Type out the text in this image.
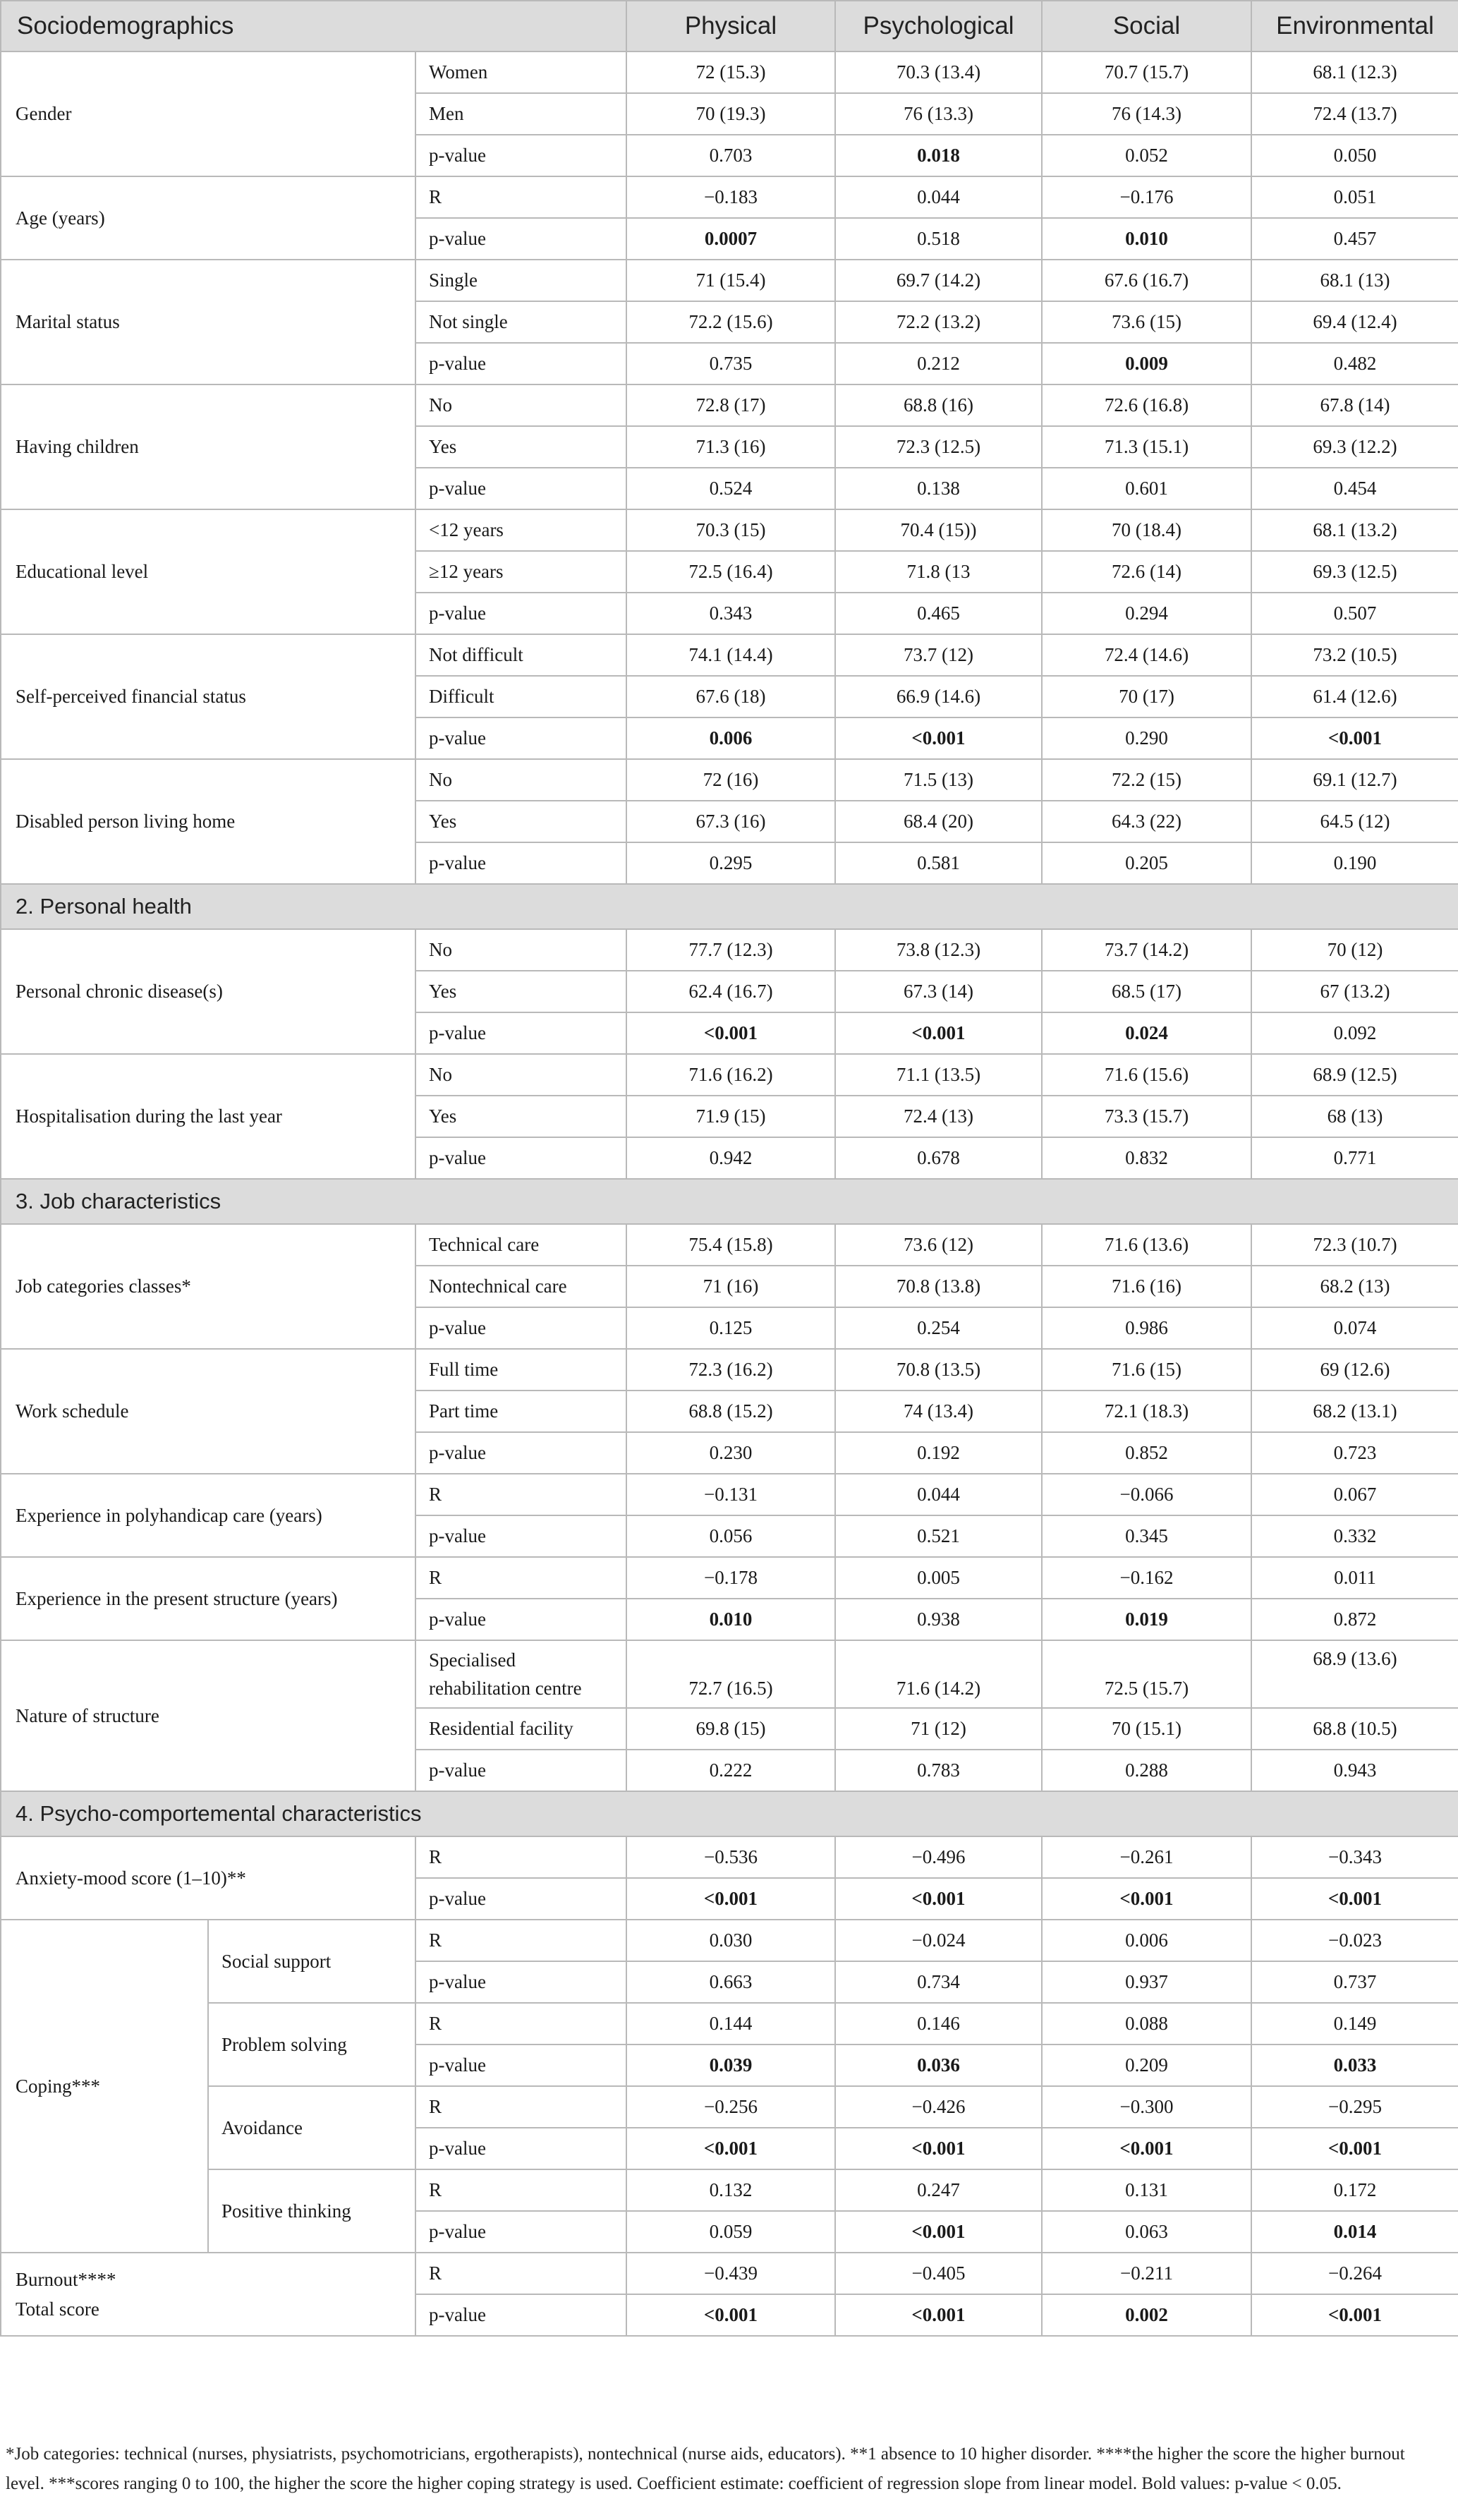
Sociodemographics			Physical	Psychological	Social	Environmental
Gender		Women	72 (15.3)	70.3 (13.4)	70.7 (15.7)	68.1 (12.3)
		Men	70 (19.3)	76 (13.3)	76 (14.3)	72.4 (13.7)
		p-value	0.703	0.018	0.052	0.050
Age (years)		R	−0.183	0.044	−0.176	0.051
		p-value	0.0007	0.518	0.010	0.457
Marital status		Single	71 (15.4)	69.7 (14.2)	67.6 (16.7)	68.1 (13)
		Not single	72.2 (15.6)	72.2 (13.2)	73.6 (15)	69.4 (12.4)
		p-value	0.735	0.212	0.009	0.482
Having children		No	72.8 (17)	68.8 (16)	72.6 (16.8)	67.8 (14)
		Yes	71.3 (16)	72.3 (12.5)	71.3 (15.1)	69.3 (12.2)
		p-value	0.524	0.138	0.601	0.454
Educational level		<12 years	70.3 (15)	70.4 (15))	70 (18.4)	68.1 (13.2)
		≥12 years	72.5 (16.4)	71.8 (13	72.6 (14)	69.3 (12.5)
		p-value	0.343	0.465	0.294	0.507
Self-perceived financial status		Not difficult	74.1 (14.4)	73.7 (12)	72.4 (14.6)	73.2 (10.5)
		Difficult	67.6 (18)	66.9 (14.6)	70 (17)	61.4 (12.6)
		p-value	0.006	<0.001	0.290	<0.001
Disabled person living home		No	72 (16)	71.5 (13)	72.2 (15)	69.1 (12.7)
		Yes	67.3 (16)	68.4 (20)	64.3 (22)	64.5 (12)
		p-value	0.295	0.581	0.205	0.190
2. Personal health						
Personal chronic disease(s)		No	77.7 (12.3)	73.8 (12.3)	73.7 (14.2)	70 (12)
		Yes	62.4 (16.7)	67.3 (14)	68.5 (17)	67 (13.2)
		p-value	<0.001	<0.001	0.024	0.092
Hospitalisation during the last year		No	71.6 (16.2)	71.1 (13.5)	71.6 (15.6)	68.9 (12.5)
		Yes	71.9 (15)	72.4 (13)	73.3 (15.7)	68 (13)
		p-value	0.942	0.678	0.832	0.771
3. Job characteristics						
Job categories classes*		Technical care	75.4 (15.8)	73.6 (12)	71.6 (13.6)	72.3 (10.7)
		Nontechnical care	71 (16)	70.8 (13.8)	71.6 (16)	68.2 (13)
		p-value	0.125	0.254	0.986	0.074
Work schedule		Full time	72.3 (16.2)	70.8 (13.5)	71.6 (15)	69 (12.6)
		Part time	68.8 (15.2)	74 (13.4)	72.1 (18.3)	68.2 (13.1)
		p-value	0.230	0.192	0.852	0.723
Experience in polyhandicap care (years)		R	−0.131	0.044	−0.066	0.067
		p-value	0.056	0.521	0.345	0.332
Experience in the present structure (years)		R	−0.178	0.005	−0.162	0.011
		p-value	0.010	0.938	0.019	0.872
Nature of structure		Specialised rehabilitation centre	72.7 (16.5)	71.6 (14.2)	72.5 (15.7)	68.9 (13.6)
		Residential facility	69.8 (15)	71 (12)	70 (15.1)	68.8 (10.5)
		p-value	0.222	0.783	0.288	0.943
4. Psycho-comportemental characteristics						
Anxiety-mood score (1–10)**		R	−0.536	−0.496	−0.261	−0.343
		p-value	<0.001	<0.001	<0.001	<0.001
Coping***	Social support	R	0.030	−0.024	0.006	−0.023
		p-value	0.663	0.734	0.937	0.737
	Problem solving	R	0.144	0.146	0.088	0.149
		p-value	0.039	0.036	0.209	0.033
	Avoidance	R	−0.256	−0.426	−0.300	−0.295
		p-value	<0.001	<0.001	<0.001	<0.001
	Positive thinking	R	0.132	0.247	0.131	0.172
		p-value	0.059	<0.001	0.063	0.014

Burnout****
Total score		R	−0.439	−0.405	−0.211	−0.264
		p-value	<0.001	<0.001	0.002	<0.001
*Job categories: technical (nurses, physiatrists, psychomotricians, ergotherapists), nontechnical (nurse aids, educators). **1 absence to 10 higher disorder. ****the higher the score the higher burnout
level. ***scores ranging 0 to 100, the higher the score the higher coping strategy is used. Coefficient estimate: coefficient of regression slope from linear model. Bold values: p-value < 0.05.
